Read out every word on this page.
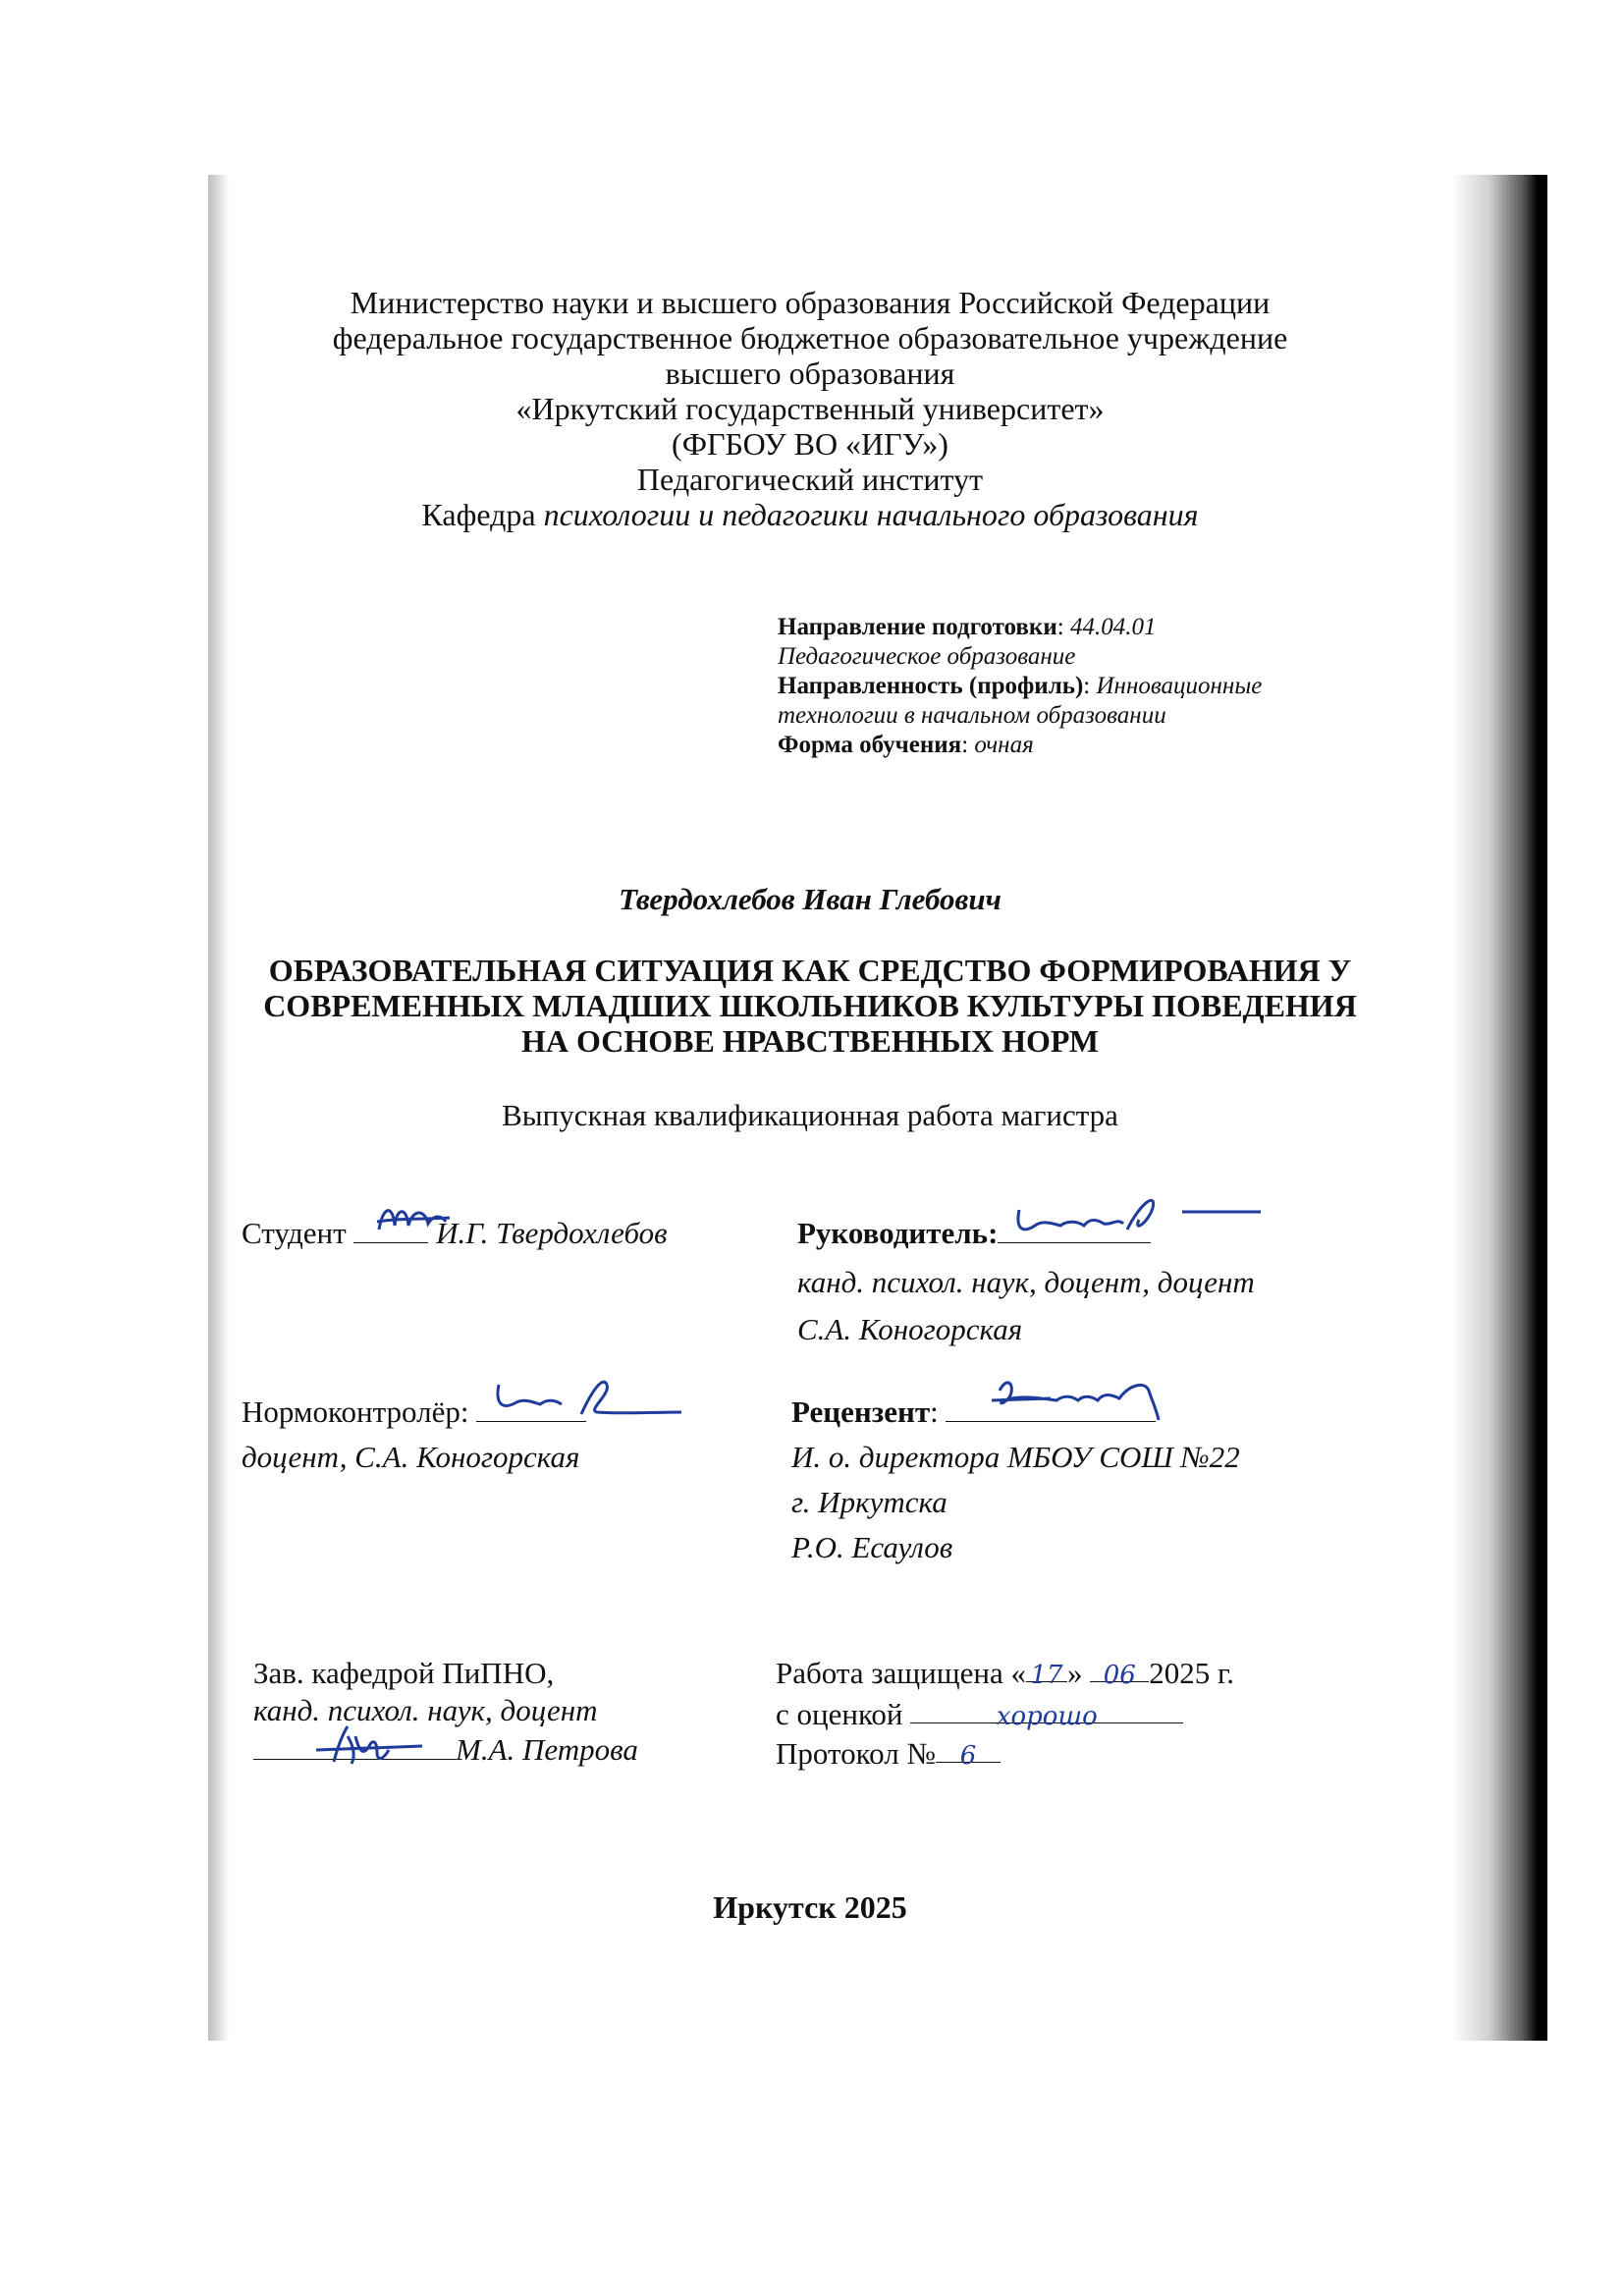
Министерство науки и высшего образования Российской Федерации
федеральное государственное бюджетное образовательное учреждение
высшего образования
«Иркутский государственный университет»
(ФГБОУ ВО «ИГУ»)
Педагогический институт
Кафедра психологии и педагогики начального образования
Направление подготовки: 44.04.01
Педагогическое образование
Направленность (профиль): Инновационные
технологии в начальном образовании
Форма обучения: очная
Твердохлебов Иван Глебович
ОБРАЗОВАТЕЛЬНАЯ СИТУАЦИЯ КАК СРЕДСТВО ФОРМИРОВАНИЯ У
СОВРЕМЕННЫХ МЛАДШИХ ШКОЛЬНИКОВ КУЛЬТУРЫ ПОВЕДЕНИЯ
НА ОСНОВЕ НРАВСТВЕННЫХ НОРМ
Выпускная квалификационная работа магистра
Студент	И.Г. Твердохлебов	Руководитель:
канд. психол. наук, доцент, доцент
С.А. Коногорская
Нормоконтролёр:
доцент, С.А. Коногорская
Рецензент:
И. о. директора МБОУ СОШ №22
г. Иркутска
Р.О. Есаулов
Зав. кафедрой ПиПНО,
канд. психол. наук, доцент
М.А. Петрова
Работа защищена « 17 » 06 2025 г.
с оценкой	хорошо
Протокол № 6
Иркутск 2025
